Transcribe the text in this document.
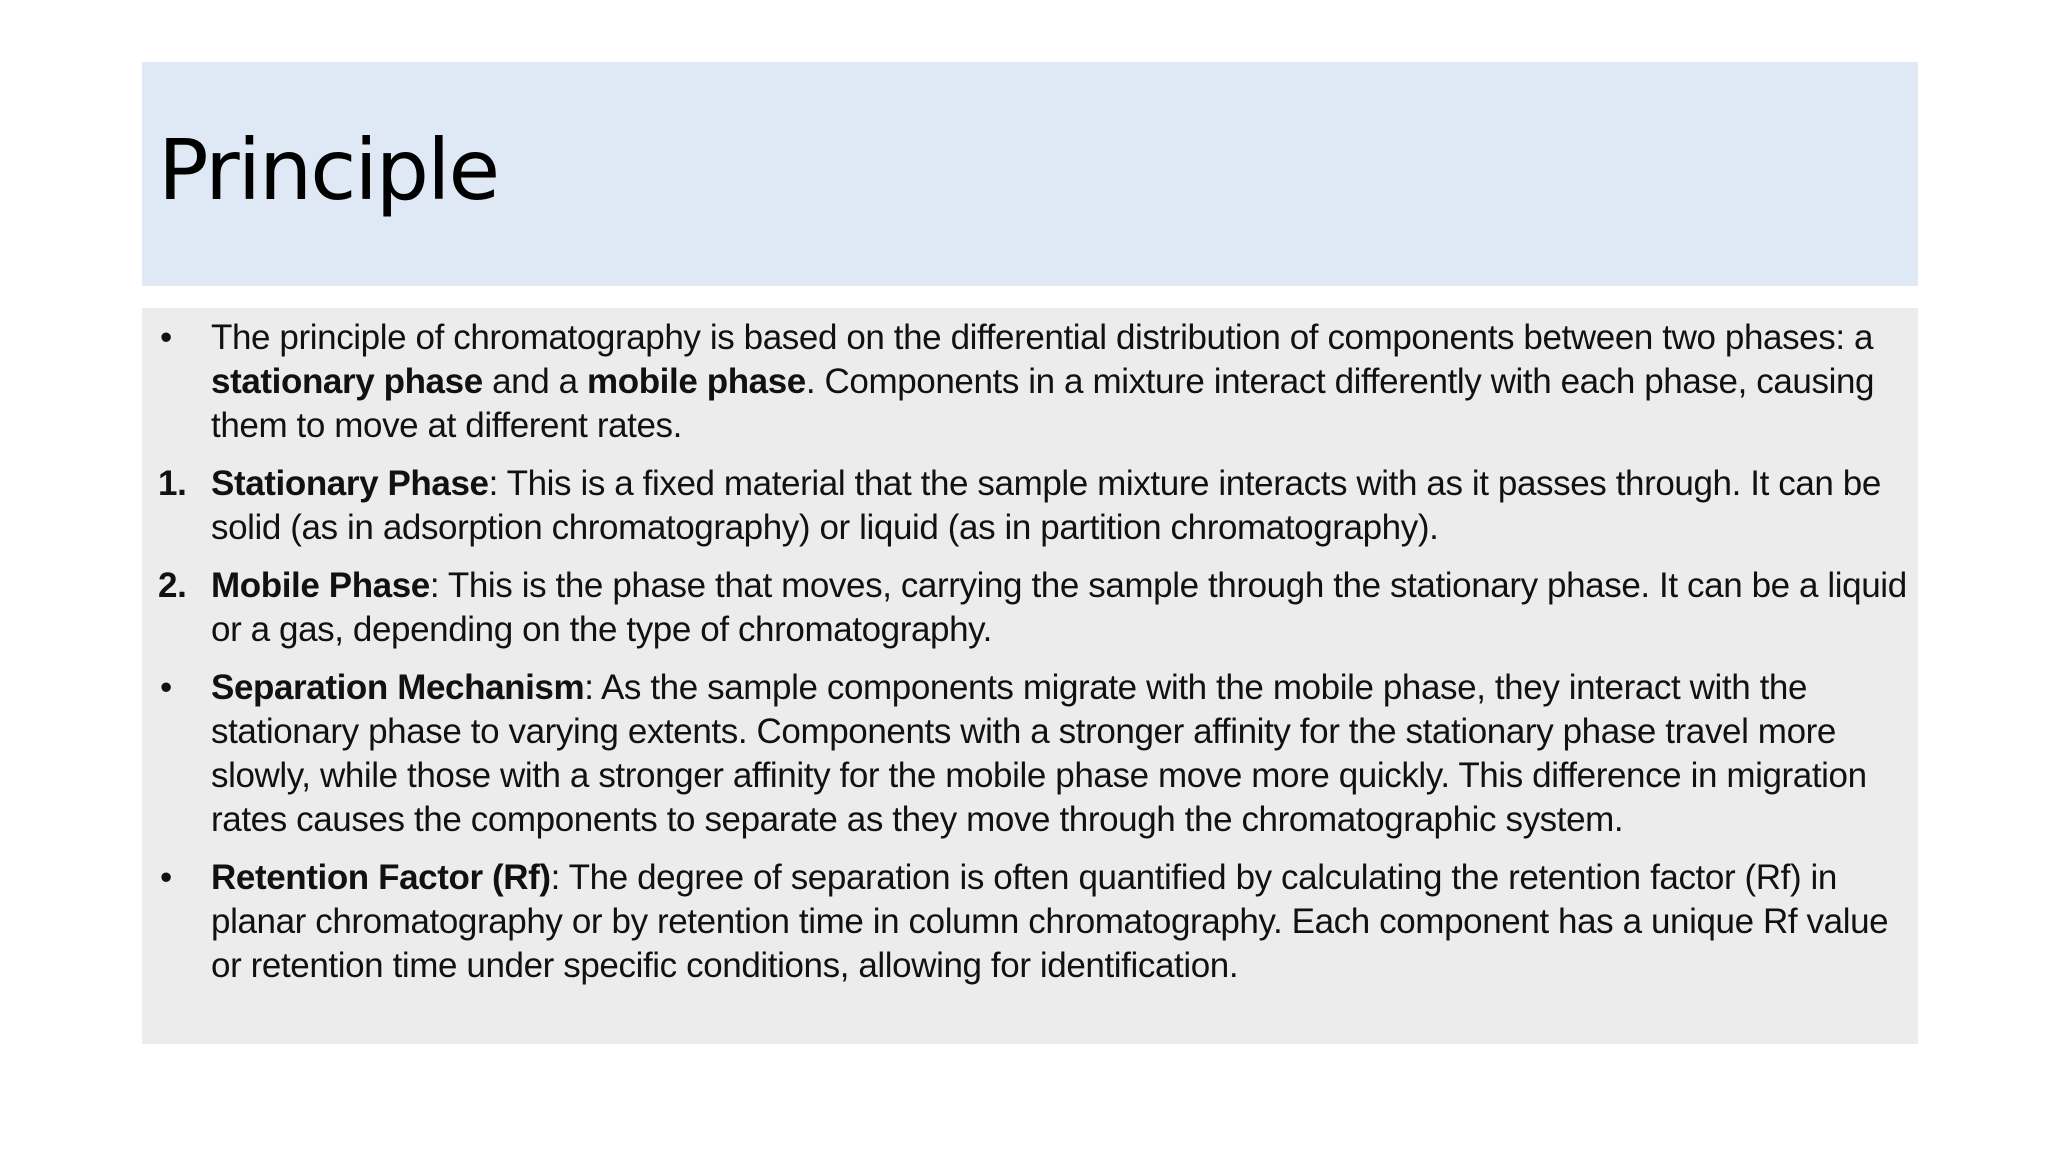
Principle
•	The principle of chromatography is based on the differential distribution of components between two phases: a stationary phase and a mobile phase. Components in a mixture interact differently with each phase, causing them to move at different rates.
1. Stationary Phase: This is a fixed material that the sample mixture interacts with as it passes through. It can be solid (as in adsorption chromatography) or liquid (as in partition chromatography).
2. Mobile Phase: This is the phase that moves, carrying the sample through the stationary phase. It can be a liquid or a gas, depending on the type of chromatography.
•	Separation Mechanism: As the sample components migrate with the mobile phase, they interact with the stationary phase to varying extents. Components with a stronger affinity for the stationary phase travel more slowly, while those with a stronger affinity for the mobile phase move more quickly. This difference in migration rates causes the components to separate as they move through the chromatographic system.
•	Retention Factor (Rf): The degree of separation is often quantified by calculating the retention factor (Rf) in planar chromatography or by retention time in column chromatography. Each component has a unique Rf value or retention time under specific conditions, allowing for identification.
